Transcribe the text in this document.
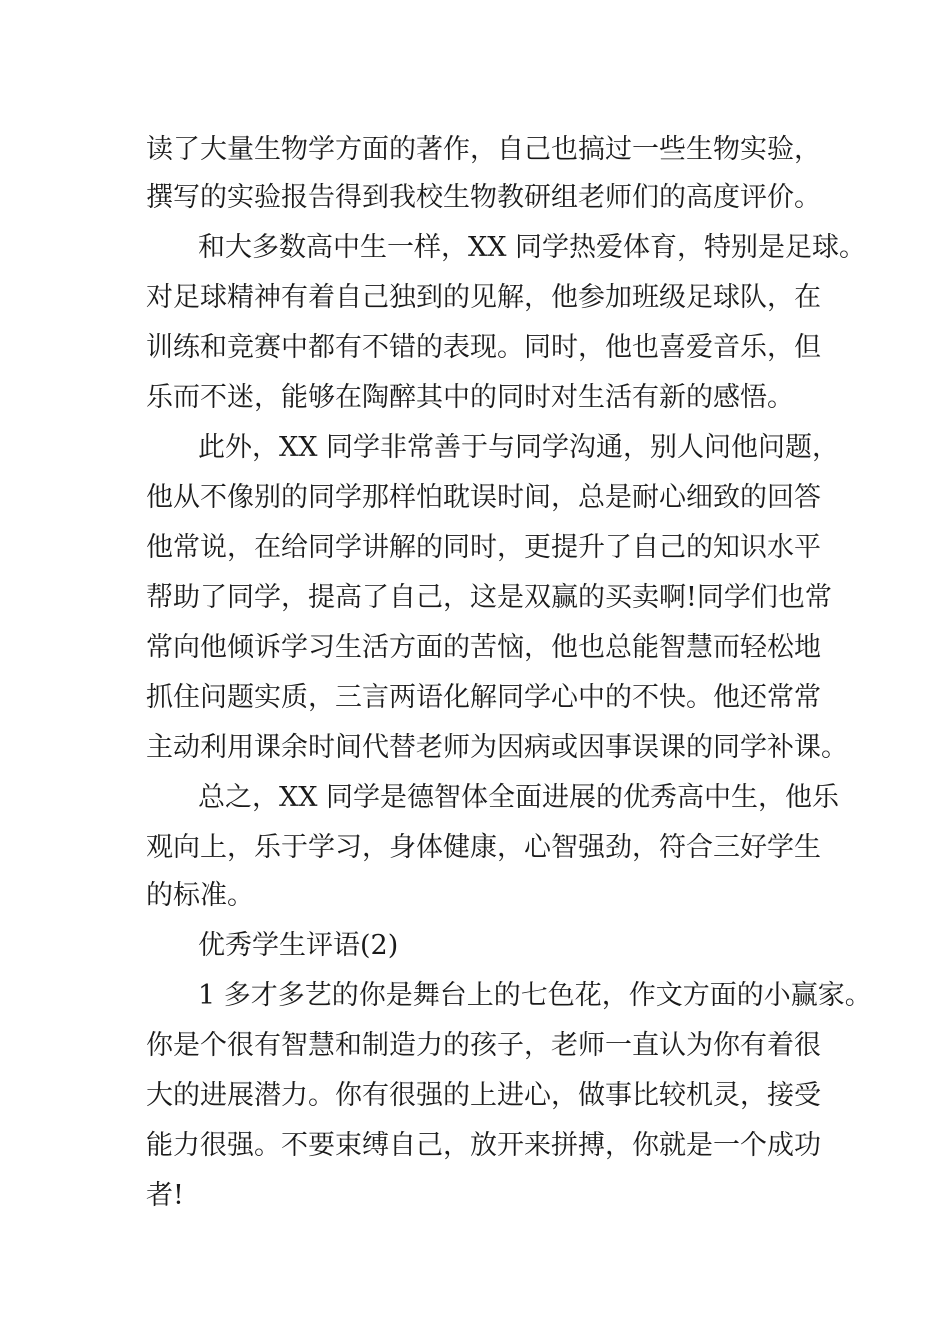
读了大量生物学方面的著作，自己也搞过一些生物实验，

撰写的实验报告得到我校生物教研组老师们的高度评价。

和大多数高中生一样，XX 同学热爱体育，特别是足球。

对足球精神有着自己独到的见解，他参加班级足球队，在

训练和竞赛中都有不错的表现。同时，他也喜爱音乐，但

乐而不迷，能够在陶醉其中的同时对生活有新的感悟。

此外，XX 同学非常善于与同学沟通，别人问他问题，

他从不像别的同学那样怕耽误时间，总是耐心细致的回答

他常说，在给同学讲解的同时，更提升了自己的知识水平

帮助了同学，提高了自己，这是双赢的买卖啊!同学们也常

常向他倾诉学习生活方面的苦恼，他也总能智慧而轻松地

抓住问题实质，三言两语化解同学心中的不快。他还常常

主动利用课余时间代替老师为因病或因事误课的同学补课。

总之，XX 同学是德智体全面进展的优秀高中生，他乐

观向上，乐于学习，身体健康，心智强劲，符合三好学生

的标准。

优秀学生评语(2)

1 多才多艺的你是舞台上的七色花，作文方面的小赢家。

你是个很有智慧和制造力的孩子，老师一直认为你有着很

大的进展潜力。你有很强的上进心，做事比较机灵，接受

能力很强。不要束缚自己，放开来拼搏，你就是一个成功

者!
